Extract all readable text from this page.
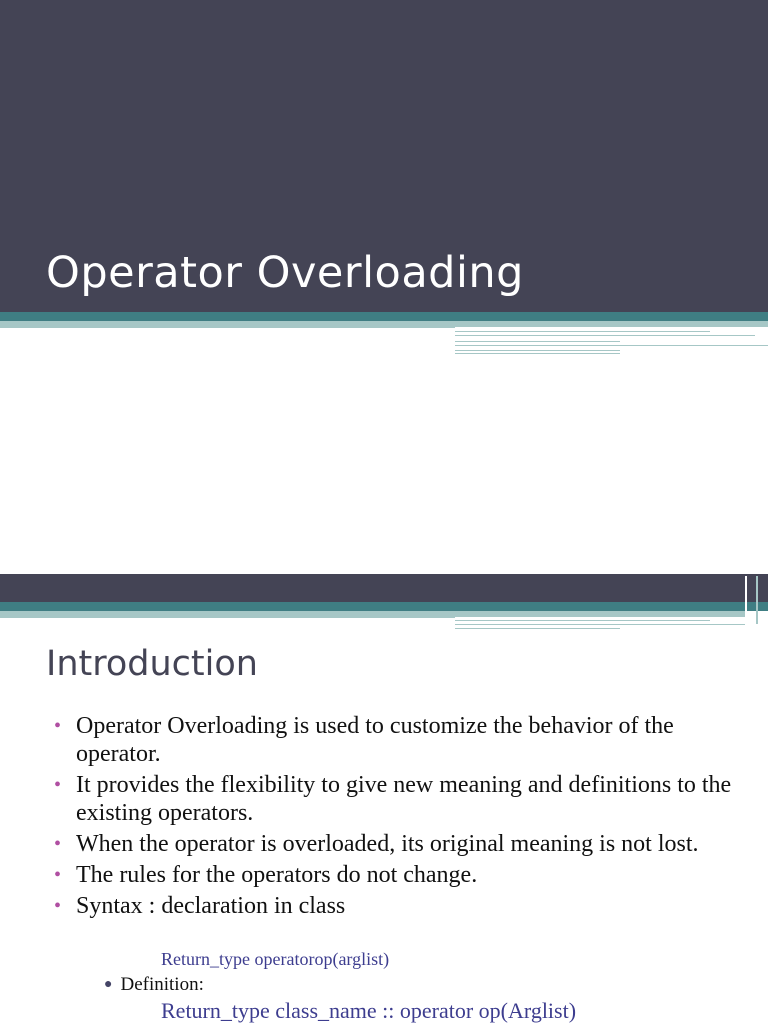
Operator Overloading
Introduction
• Operator Overloading is used to customize the behavior of the operator.
• It provides the flexibility to give new meaning and definitions to the existing operators.
• When the operator is overloaded, its original meaning is not lost.
• The rules for the operators do not change.
• Syntax : declaration in class

Return_type operatorop(arglist)

● Definition:

Return_type class_name :: operator op(Arglist)
